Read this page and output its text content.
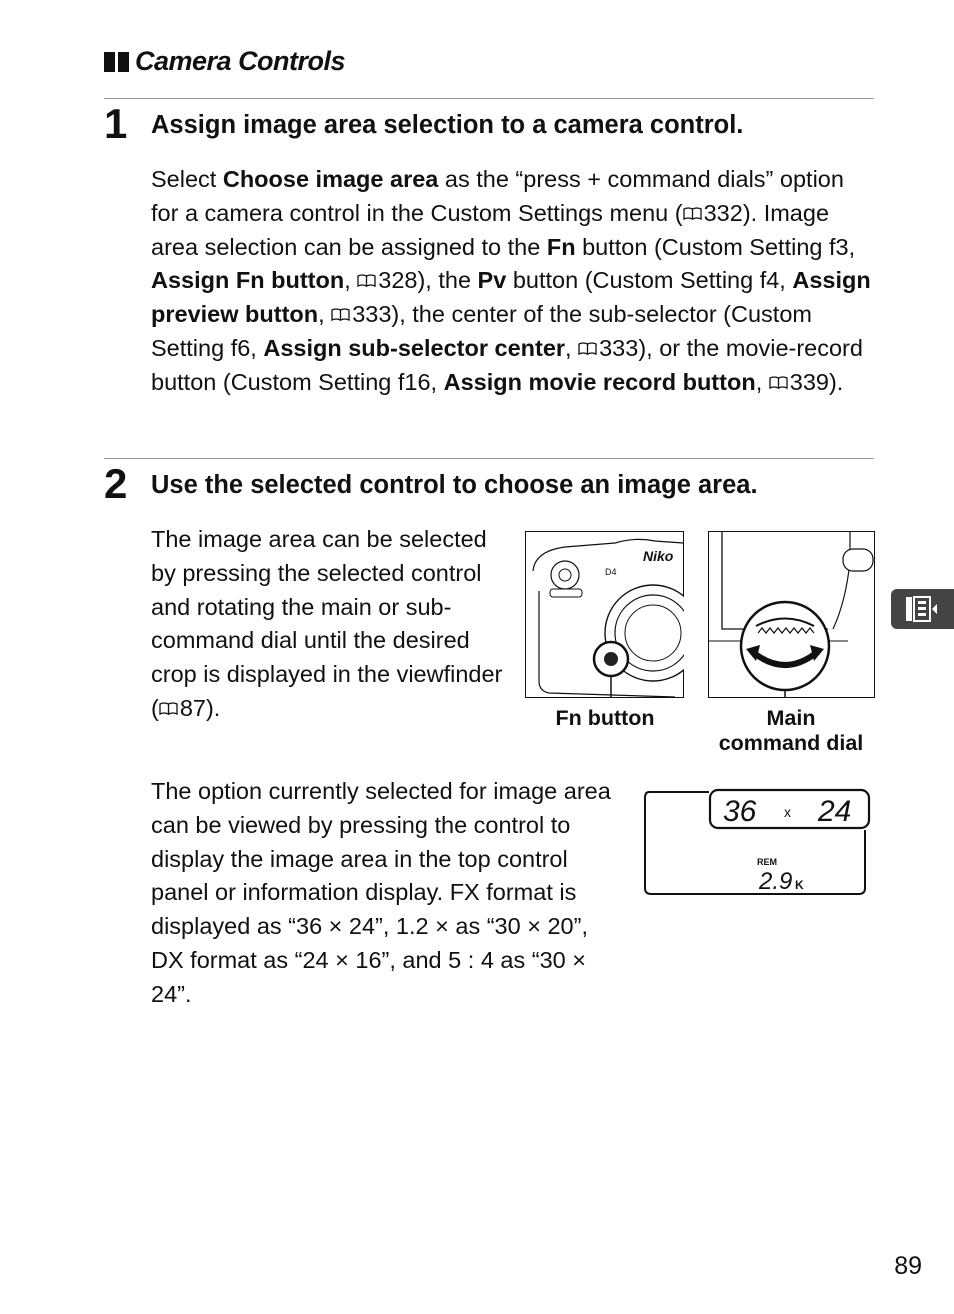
Camera Controls
1 Assign image area selection to a camera control.
Select Choose image area as the “press + command dials” option for a camera control in the Custom Settings menu ( 332). Image area selection can be assigned to the Fn button (Custom Setting f3, Assign Fn button, 328), the Pv button (Custom Setting f4, Assign preview button, 333), the center of the sub-selector (Custom Setting f6, Assign sub-selector center, 333), or the movie-record button (Custom Setting f16, Assign movie record button, 339).
2 Use the selected control to choose an image area.
The image area can be selected by pressing the selected control and rotating the main or sub-command dial until the desired crop is displayed in the viewfinder ( 87).
D4
Niko
Fn button	Main
command dial
The option currently selected for image area can be viewed by pressing the control to display the image area in the top control panel or information display. FX format is displayed as “36 × 24”, 1.2 × as “30 × 20”, DX format as “24 × 16”, and 5 : 4 as “30 × 24”.
36 x 24
REM
2.9 K
89
